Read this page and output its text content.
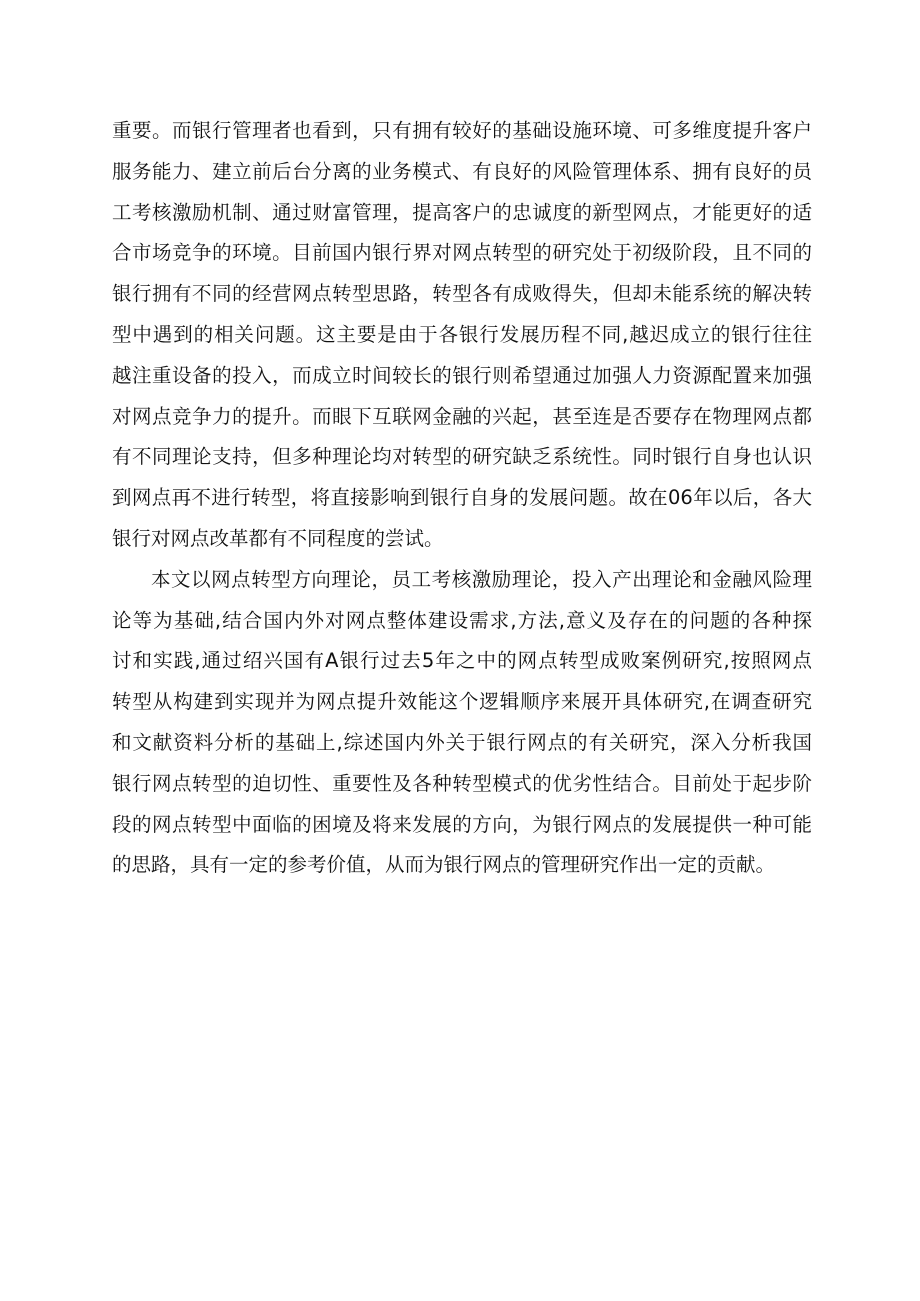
重要。而银行管理者也看到，只有拥有较好的基础设施环境、可多维度提升客户
服务能力、建立前后台分离的业务模式、有良好的风险管理体系、拥有良好的员
工考核激励机制、通过财富管理，提高客户的忠诚度的新型网点，才能更好的适
合市场竞争的环境。目前国内银行界对网点转型的研究处于初级阶段，且不同的
银行拥有不同的经营网点转型思路，转型各有成败得失，但却未能系统的解决转
型中遇到的相关问题。这主要是由于各银行发展历程不同,越迟成立的银行往往
越注重设备的投入，而成立时间较长的银行则希望通过加强人力资源配置来加强
对网点竞争力的提升。而眼下互联网金融的兴起，甚至连是否要存在物理网点都
有不同理论支持，但多种理论均对转型的研究缺乏系统性。同时银行自身也认识
到网点再不进行转型，将直接影响到银行自身的发展问题。故在06年以后，各大
银行对网点改革都有不同程度的尝试。
本文以网点转型方向理论，员工考核激励理论，投入产出理论和金融风险理
论等为基础,结合国内外对网点整体建设需求,方法,意义及存在的问题的各种探
讨和实践,通过绍兴国有A银行过去5年之中的网点转型成败案例研究,按照网点
转型从构建到实现并为网点提升效能这个逻辑顺序来展开具体研究,在调查研究
和文献资料分析的基础上,综述国内外关于银行网点的有关研究，深入分析我国
银行网点转型的迫切性、重要性及各种转型模式的优劣性结合。目前处于起步阶
段的网点转型中面临的困境及将来发展的方向，为银行网点的发展提供一种可能
的思路，具有一定的参考价值，从而为银行网点的管理研究作出一定的贡献。
